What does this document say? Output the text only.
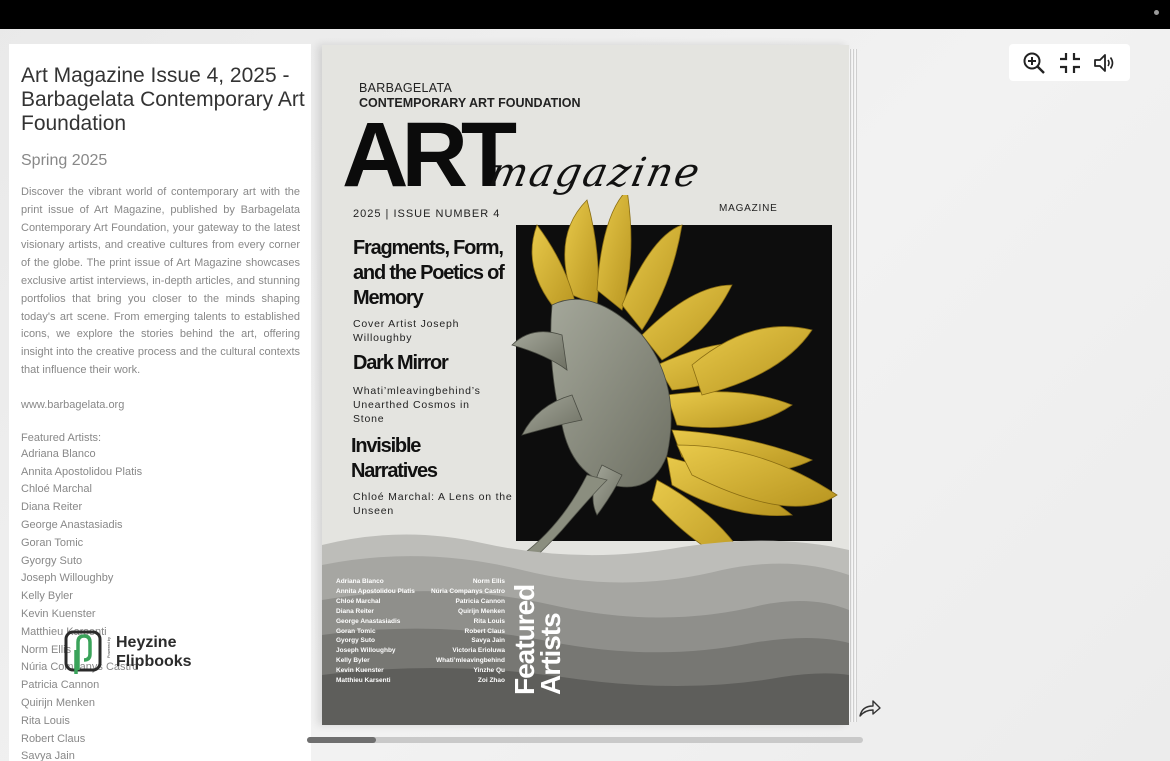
Art Magazine Issue 4, 2025 - Barbagelata Contemporary Art Foundation
Spring 2025

Discover the vibrant world of contemporary art with the print issue of Art Magazine, published by Barbagelata Contemporary Art Foundation, your gateway to the latest visionary artists, and creative cultures from every corner of the globe. The print issue of Art Magazine showcases exclusive artist interviews, in-depth articles, and stunning portfolios that bring you closer to the minds shaping today's art scene. From emerging talents to established icons, we explore the stories behind the art, offering insight into the creative process and the cultural contexts that influence their work.

www.barbagelata.org
Featured Artists:
Adriana Blanco
Annita Apostolidou Platis
Chloé Marchal
Diana Reiter
George Anastasiadis
Goran Tomic
Gyorgy Suto
Joseph Willoughby
Kelly Byler
Kevin Kuenster
Matthieu Karsenti
Norm Ellis
Núria Companys Castro
Patricia Cannon
Quirijn Menken
Rita Louis
Robert Claus
Savya Jain
Powered by Heyzine
Flipbooks
BARBAGELATA
CONTEMPORARY ART FOUNDATION
ART
magazine
MAGAZINE
2025 | ISSUE NUMBER 4
Fragments, Form, and the Poetics of Memory
Cover Artist Joseph Willoughby
Dark Mirror
Whati’mleavingbehind’s Unearthed Cosmos in Stone
Invisible Narratives
Chloé Marchal: A Lens on the Unseen
Adriana Blanco
Annita Apostolidou Platis
Chloé Marchal
Diana Reiter
George Anastasiadis
Goran Tomic
Gyorgy Suto
Joseph Willoughby
Kelly Byler
Kevin Kuenster
Matthieu Karsenti
Norm Ellis
Núria Companys Castro
Patricia Cannon
Quirijn Menken
Rita Louis
Robert Claus
Savya Jain
Victoria Erioluwa
Whati’mleavingbehind
Yinzhe Qu
Zoi Zhao Featured
Artists
